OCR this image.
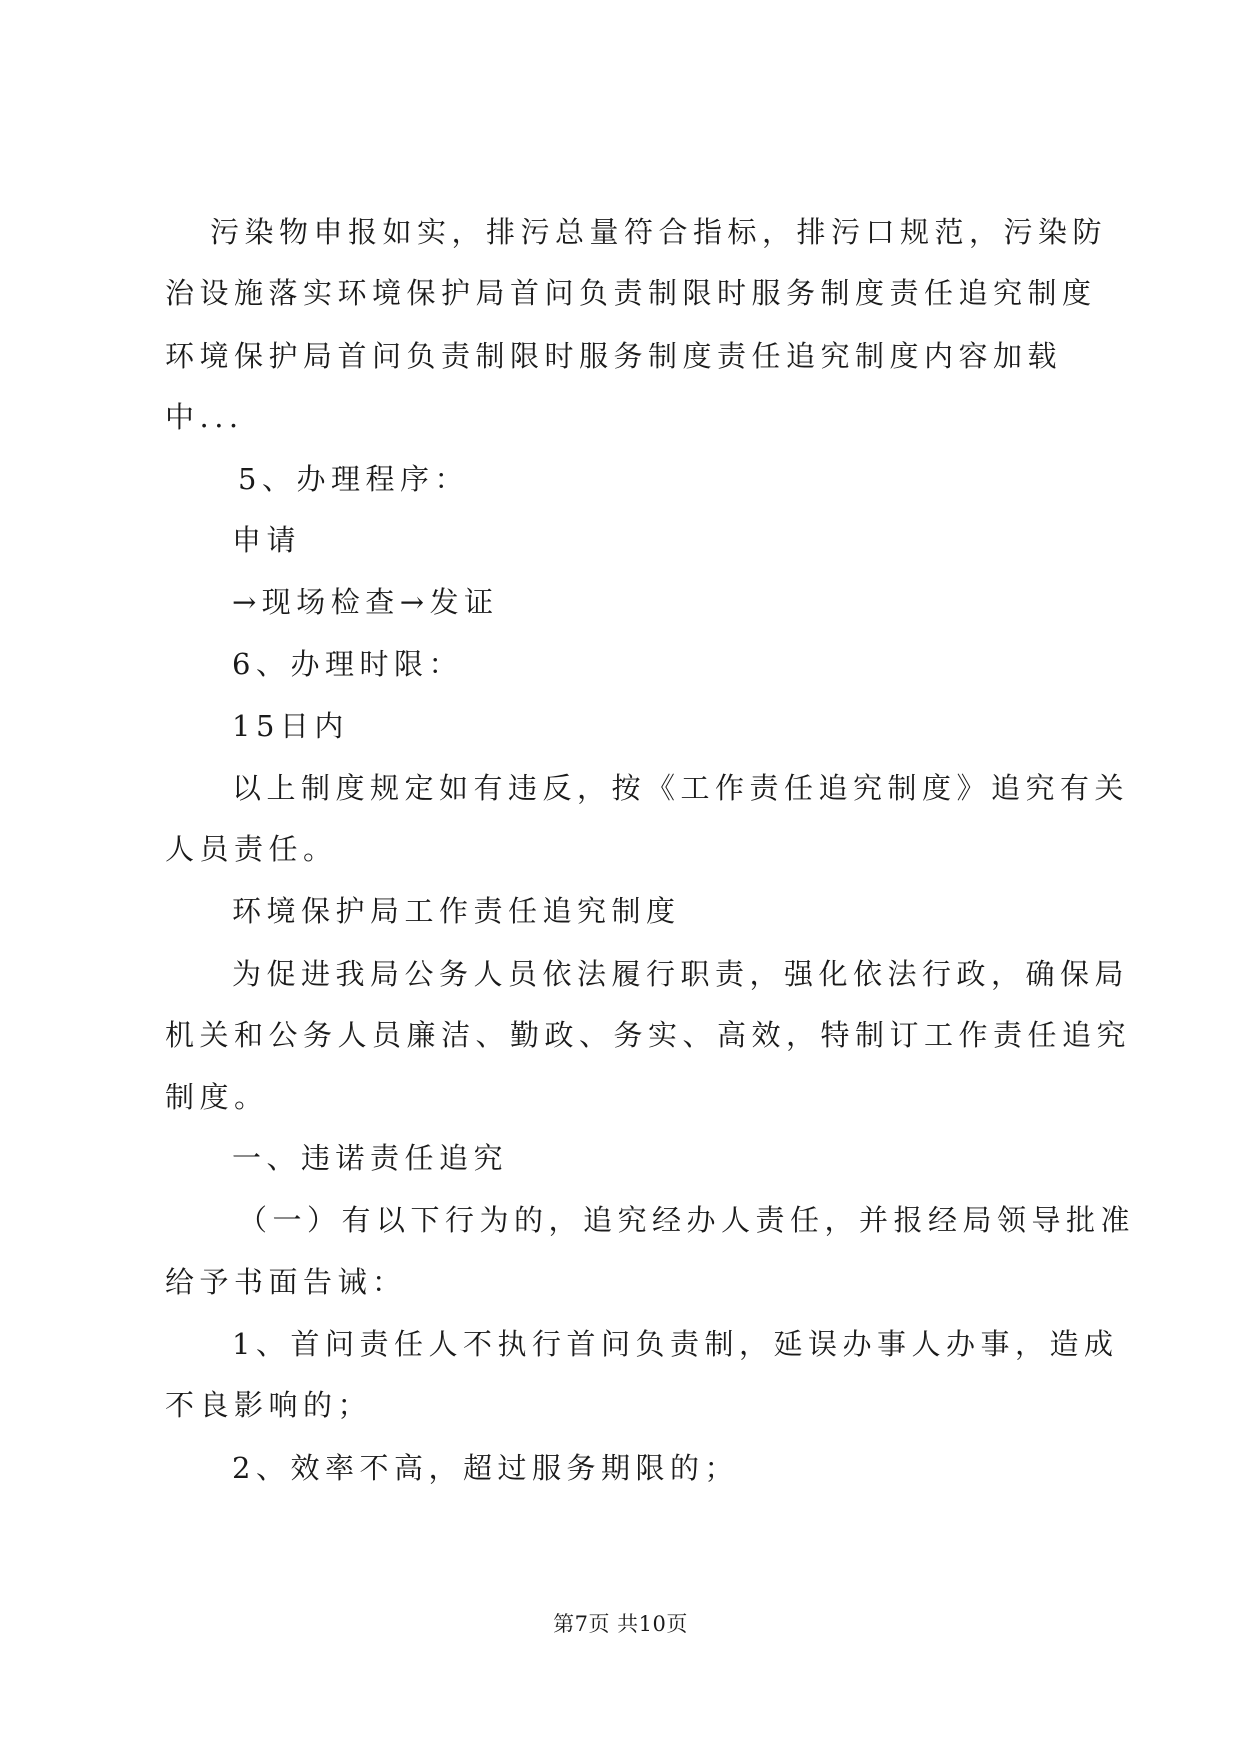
污染物申报如实，排污总量符合指标，排污口规范，污染防
治设施落实环境保护局首问负责制限时服务制度责任追究制度
环境保护局首问负责制限时服务制度责任追究制度内容加载
中...
5、办理程序：
申请
→现场检查→发证
6、办理时限：
15日内
以上制度规定如有违反，按《工作责任追究制度》追究有关
人员责任。
环境保护局工作责任追究制度
为促进我局公务人员依法履行职责，强化依法行政，确保局
机关和公务人员廉洁、勤政、务实、高效，特制订工作责任追究
制度。
一、违诺责任追究
（一）有以下行为的，追究经办人责任，并报经局领导批准
给予书面告诫：
1、首问责任人不执行首问负责制，延误办事人办事，造成
不良影响的；
2、效率不高，超过服务期限的；
第7页 共10页
